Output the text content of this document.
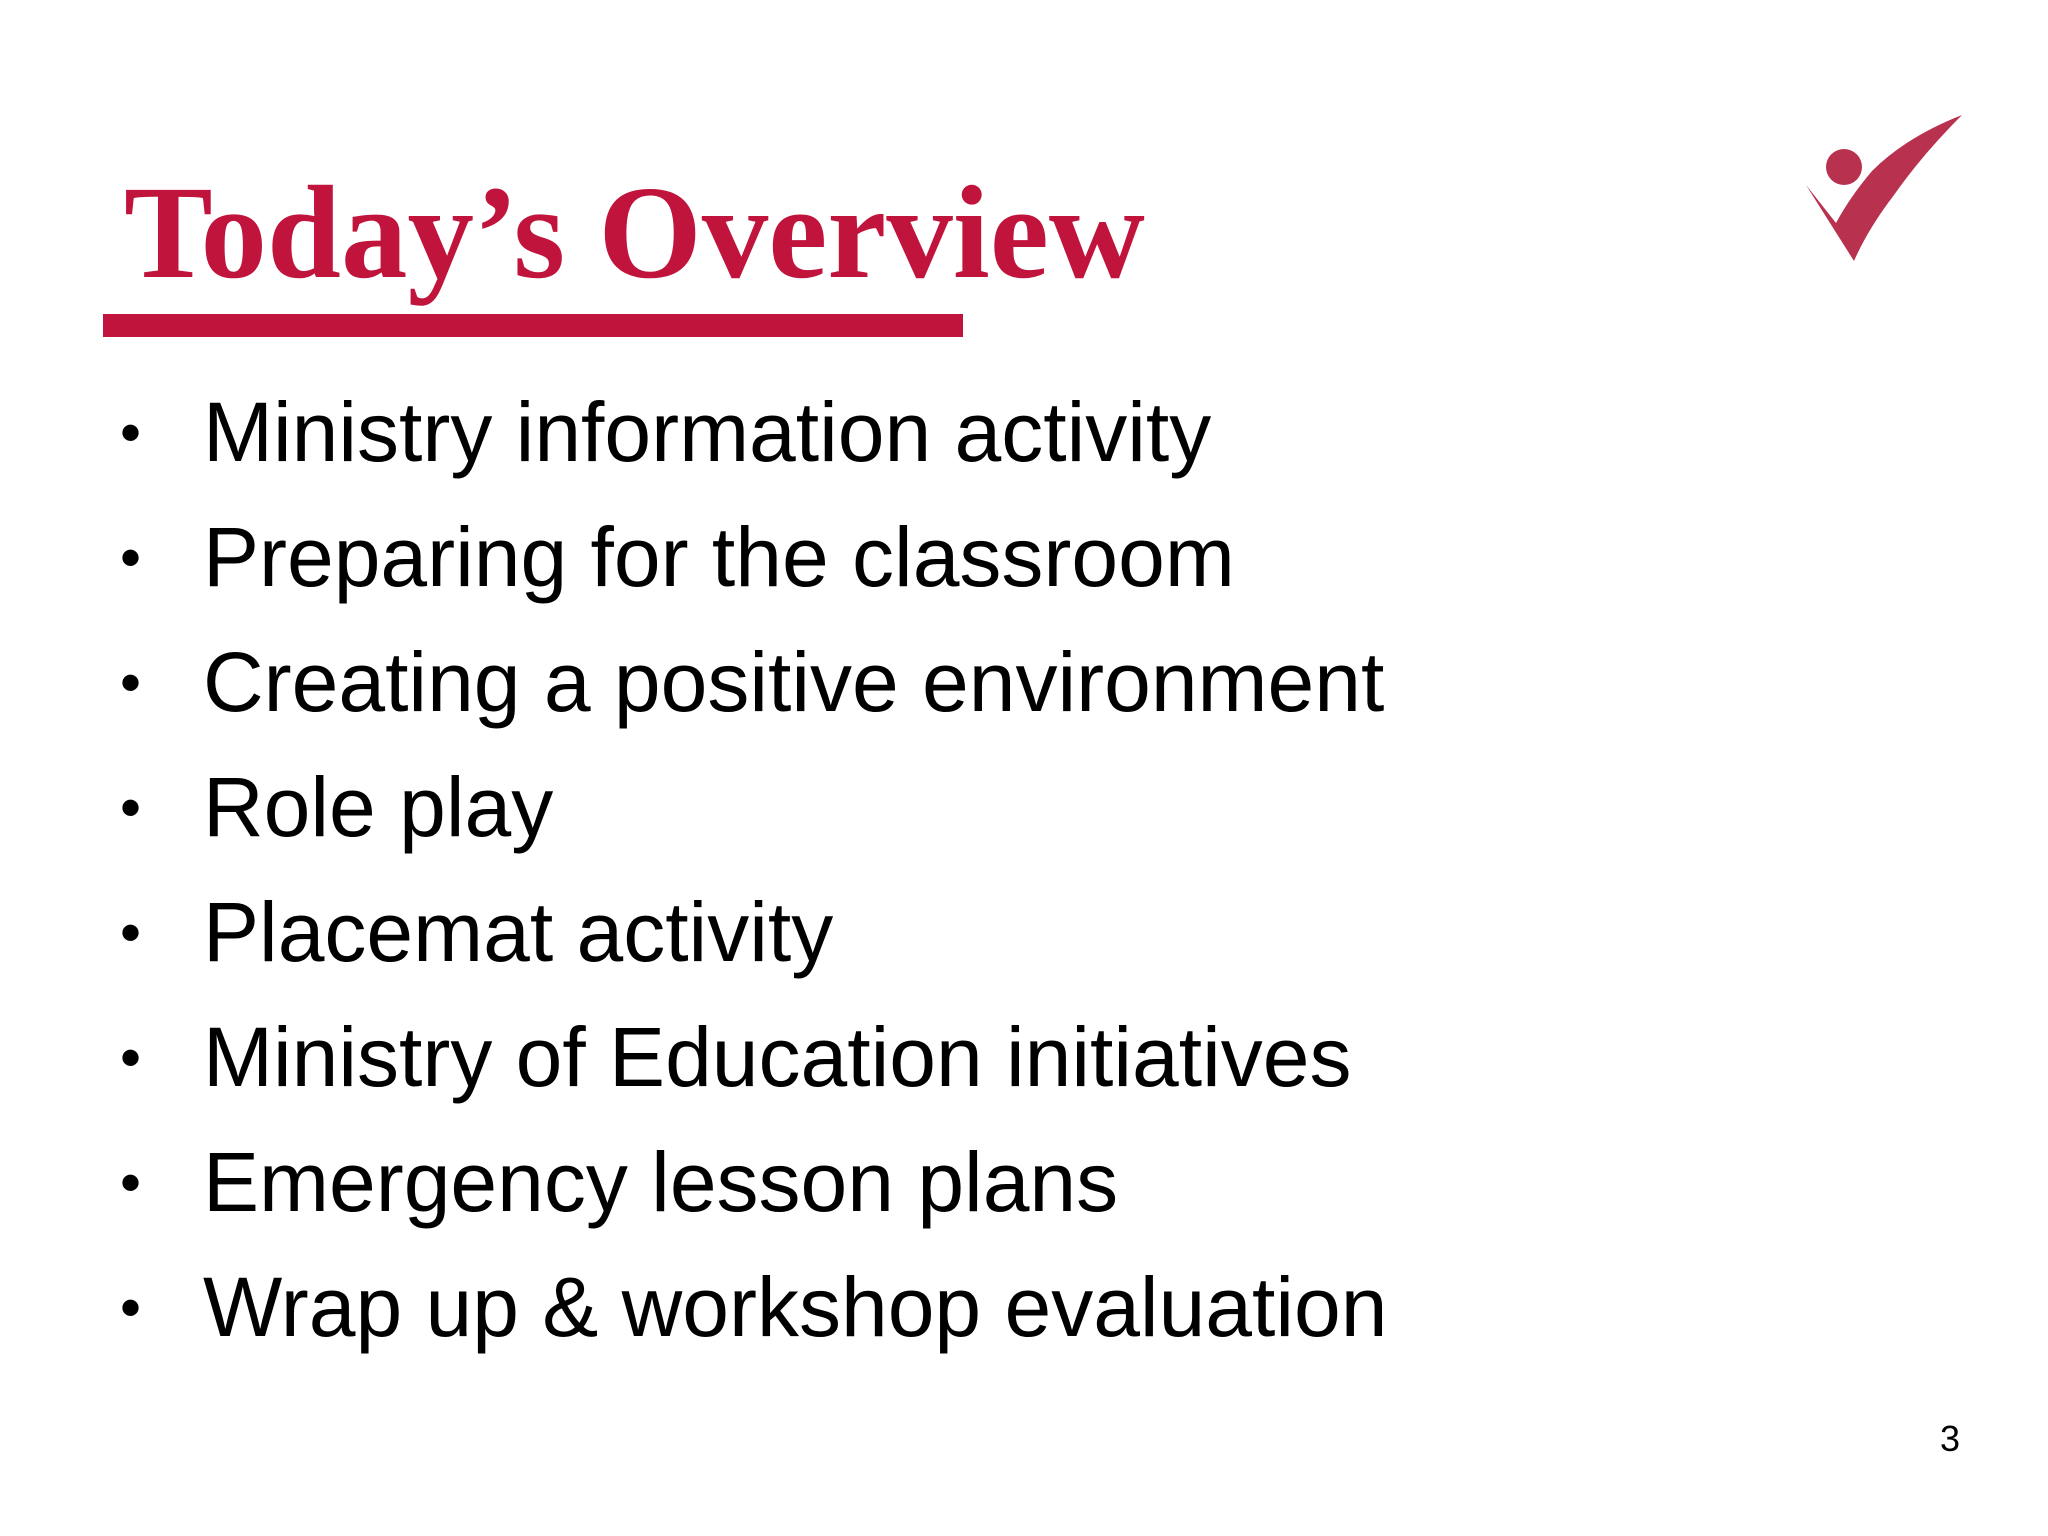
Today’s Overview
• Ministry information activity
• Preparing for the classroom
• Creating a positive environment
• Role play
• Placemat activity
• Ministry of Education initiatives
• Emergency lesson plans
• Wrap up & workshop evaluation
3
